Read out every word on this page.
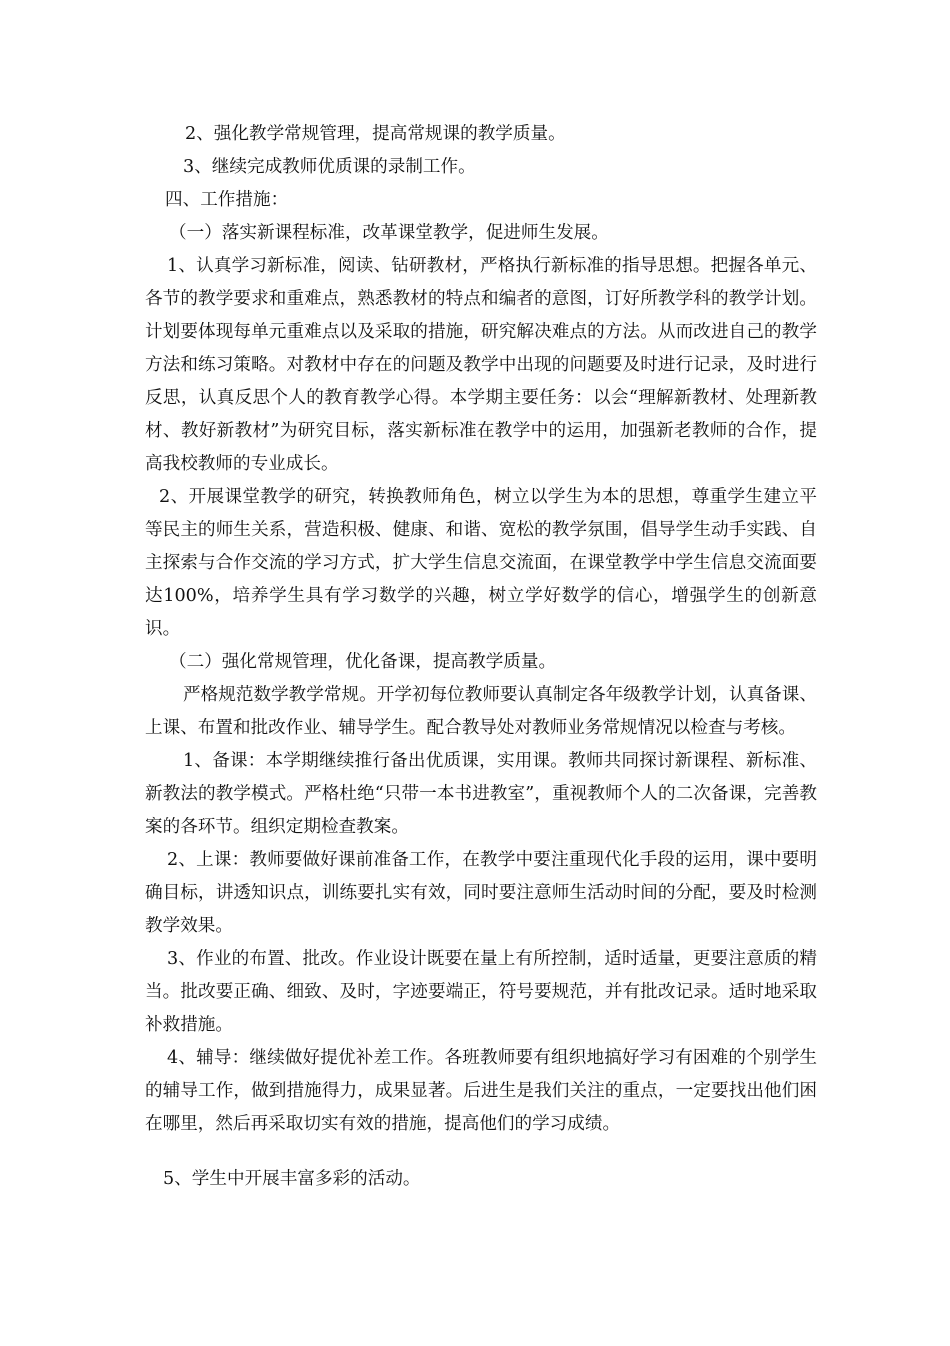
2、强化教学常规管理，提高常规课的教学质量。

3、继续完成教师优质课的录制工作。

四、工作措施：

（一）落实新课程标准，改革课堂教学，促进师生发展。

1、认真学习新标准，阅读、钻研教材，严格执行新标准的指导思想。把握各单元、各节的教学要求和重难点，熟悉教材的特点和编者的意图，订好所教学科的教学计划。计划要体现每单元重难点以及采取的措施，研究解决难点的方法。从而改进自己的教学方法和练习策略。对教材中存在的问题及教学中出现的问题要及时进行记录，及时进行反思，认真反思个人的教育教学心得。本学期主要任务：以会“理解新教材、处理新教材、教好新教材”为研究目标，落实新标准在教学中的运用，加强新老教师的合作，提高我校教师的专业成长。

2、开展课堂教学的研究，转换教师角色，树立以学生为本的思想，尊重学生建立平等民主的师生关系，营造积极、健康、和谐、宽松的教学氛围，倡导学生动手实践、自主探索与合作交流的学习方式，扩大学生信息交流面，在课堂教学中学生信息交流面要达100%，培养学生具有学习数学的兴趣，树立学好数学的信心，增强学生的创新意识。

（二）强化常规管理，优化备课，提高教学质量。

严格规范数学教学常规。开学初每位教师要认真制定各年级教学计划，认真备课、上课、布置和批改作业、辅导学生。配合教导处对教师业务常规情况以检查与考核。

1、备课：本学期继续推行备出优质课，实用课。教师共同探讨新课程、新标准、新教法的教学模式。严格杜绝“只带一本书进教室”，重视教师个人的二次备课，完善教案的各环节。组织定期检查教案。

2、上课：教师要做好课前准备工作，在教学中要注重现代化手段的运用，课中要明确目标，讲透知识点，训练要扎实有效，同时要注意师生活动时间的分配，要及时检测教学效果。

3、作业的布置、批改。作业设计既要在量上有所控制，适时适量，更要注意质的精当。批改要正确、细致、及时，字迹要端正，符号要规范，并有批改记录。适时地采取补救措施。

4、辅导：继续做好提优补差工作。各班教师要有组织地搞好学习有困难的个别学生的辅导工作，做到措施得力，成果显著。后进生是我们关注的重点，一定要找出他们困在哪里，然后再采取切实有效的措施，提高他们的学习成绩。

5、学生中开展丰富多彩的活动。
